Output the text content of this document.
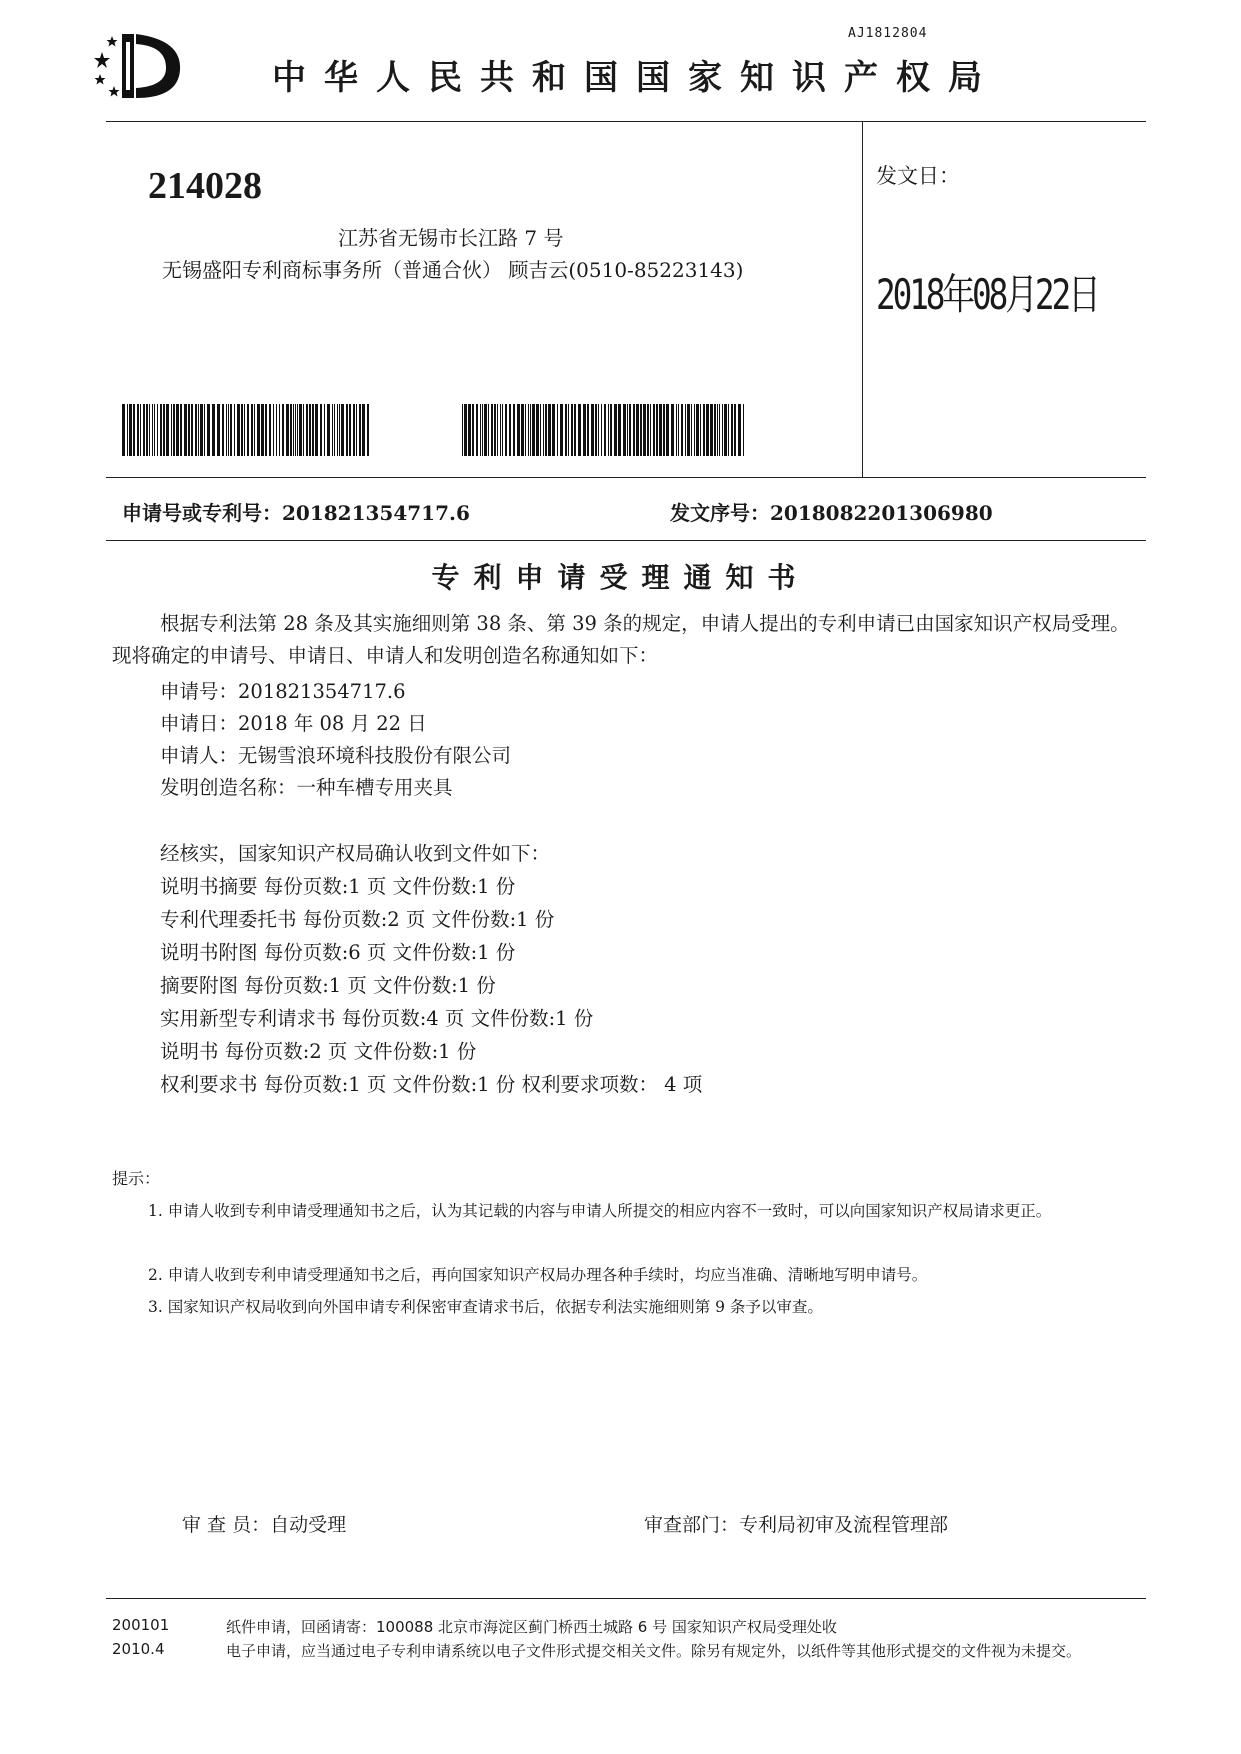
AJ1812804
中华人民共和国国家知识产权局
214028
江苏省无锡市长江路 7 号
无锡盛阳专利商标事务所（普通合伙） 顾吉云(0510-85223143)
发文日：
2018年08月22日
申请号或专利号：201821354717.6	发文序号：2018082201306980
专利申请受理通知书
根据专利法第 28 条及其实施细则第 38 条、第 39 条的规定，申请人提出的专利申请已由国家知识产权局受理。现将确定的申请号、申请日、申请人和发明创造名称通知如下：
申请号：201821354717.6
申请日：2018 年 08 月 22 日
申请人：无锡雪浪环境科技股份有限公司
发明创造名称：一种车槽专用夹具
经核实，国家知识产权局确认收到文件如下：
说明书摘要 每份页数:1 页 文件份数:1 份
专利代理委托书 每份页数:2 页 文件份数:1 份
说明书附图 每份页数:6 页 文件份数:1 份
摘要附图 每份页数:1 页 文件份数:1 份
实用新型专利请求书 每份页数:4 页 文件份数:1 份
说明书 每份页数:2 页 文件份数:1 份
权利要求书 每份页数:1 页 文件份数:1 份 权利要求项数： 4 项
提示：
1. 申请人收到专利申请受理通知书之后，认为其记载的内容与申请人所提交的相应内容不一致时，可以向国家知识产权局请求更正。
2. 申请人收到专利申请受理通知书之后，再向国家知识产权局办理各种手续时，均应当准确、清晰地写明申请号。
3. 国家知识产权局收到向外国申请专利保密审查请求书后，依据专利法实施细则第 9 条予以审查。
审 查 员：自动受理	审查部门：专利局初审及流程管理部
200101
2010.4
纸件申请，回函请寄：100088 北京市海淀区蓟门桥西土城路 6 号 国家知识产权局受理处收
电子申请，应当通过电子专利申请系统以电子文件形式提交相关文件。除另有规定外，以纸件等其他形式提交的文件视为未提交。
